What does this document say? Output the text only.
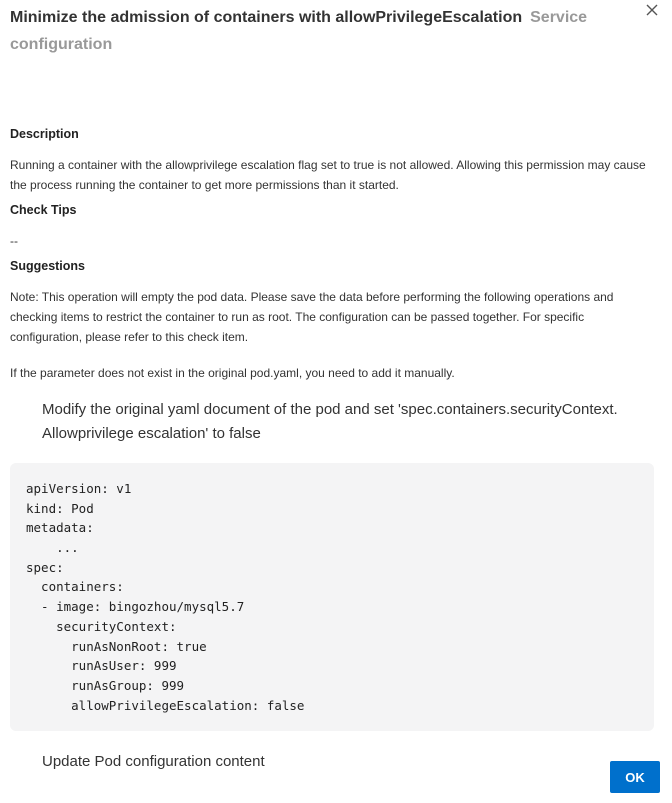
Minimize the admission of containers with allowPrivilegeEscalation Service configuration
Description
Running a container with the allowprivilege escalation flag set to true is not allowed. Allowing this permission may cause the process running the container to get more permissions than it started.
Check Tips
--
Suggestions
Note: This operation will empty the pod data. Please save the data before performing the following operations and checking items to restrict the container to run as root. The configuration can be passed together. For specific configuration, please refer to this check item.
If the parameter does not exist in the original pod.yaml, you need to add it manually.
Modify the original yaml document of the pod and set 'spec.containers.securityContext. Allowprivilege escalation' to false
apiVersion: v1
kind: Pod
metadata:
...
spec:
containers:
- image: bingozhou/mysql5.7
securityContext:
runAsNonRoot: true
runAsUser: 999
runAsGroup: 999
allowPrivilegeEscalation: false
Update Pod configuration content
OK
